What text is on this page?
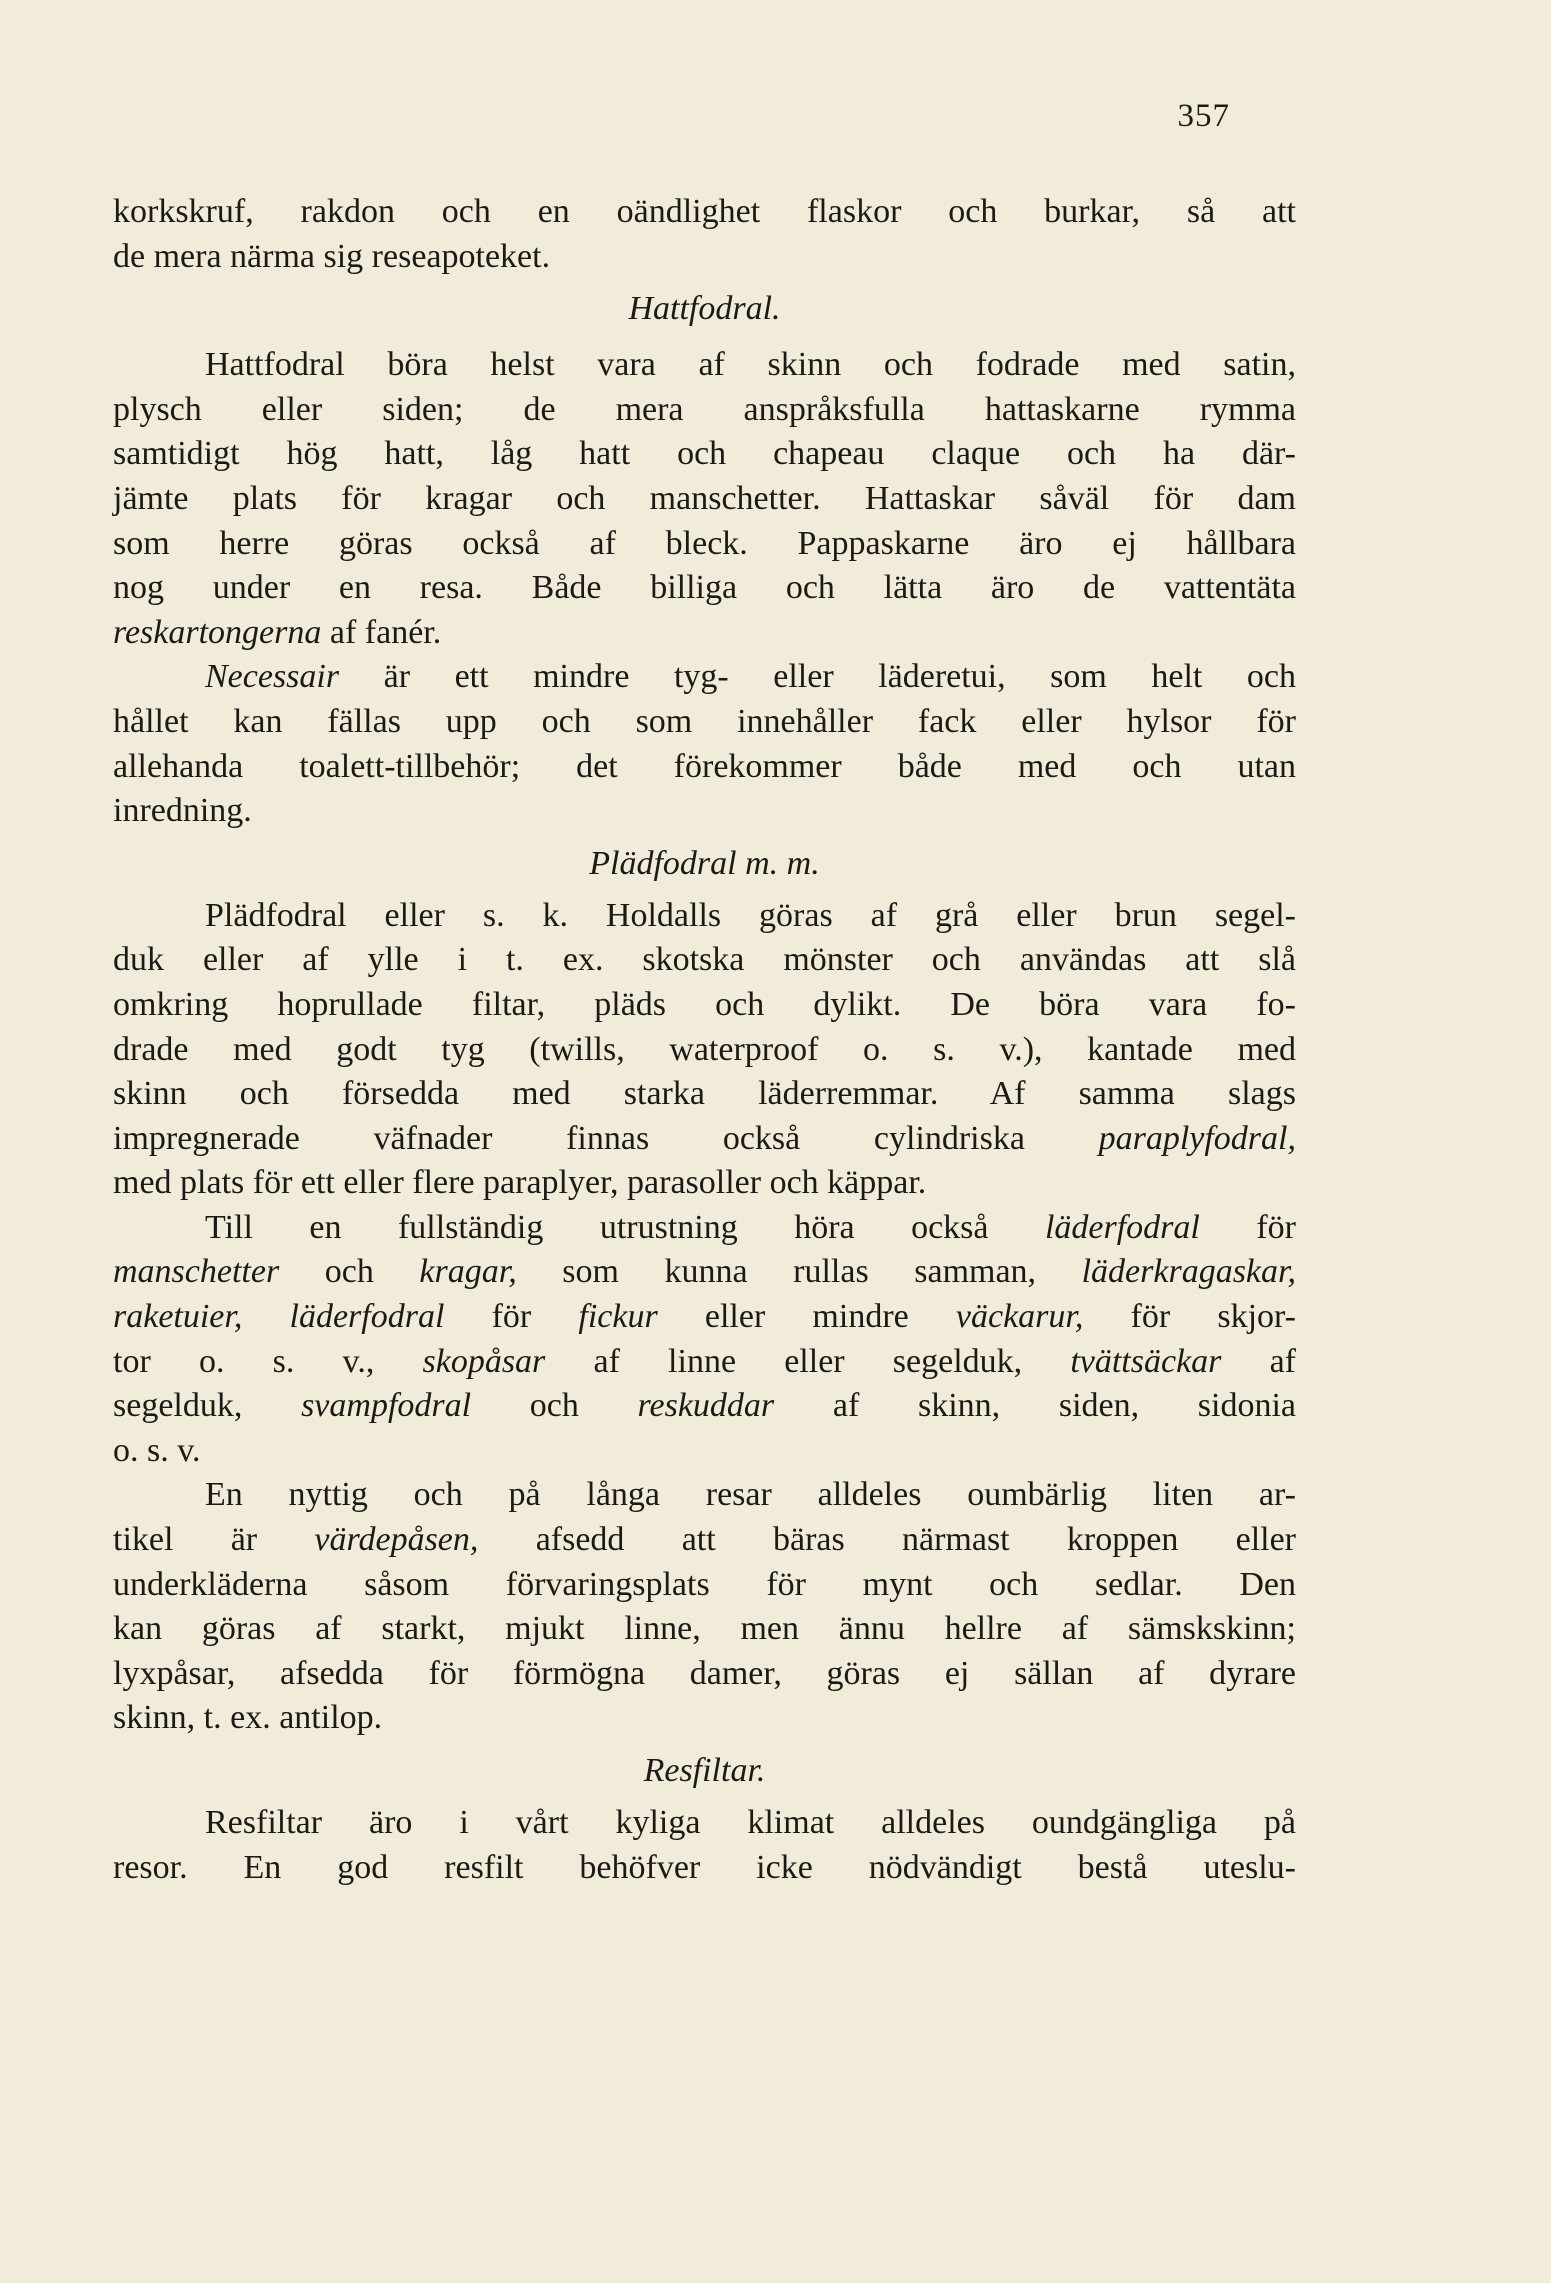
357
korkskruf, rakdon och en oändlighet flaskor och burkar, så att
de mera närma sig reseapoteket.
Hattfodral.
Hattfodral böra helst vara af skinn och fodrade med satin,
plysch eller siden; de mera anspråksfulla hattaskarne rymma
samtidigt hög hatt, låg hatt och chapeau claque och ha där-
jämte plats för kragar och manschetter. Hattaskar såväl för dam
som herre göras också af bleck. Pappaskarne äro ej hållbara
nog under en resa. Både billiga och lätta äro de vattentäta
reskartongerna af fanér.
Necessair är ett mindre tyg- eller läderetui, som helt och
hållet kan fällas upp och som innehåller fack eller hylsor för
allehanda toalett-tillbehör; det förekommer både med och utan
inredning.
Plädfodral m. m.
Plädfodral eller s. k. Holdalls göras af grå eller brun segel-
duk eller af ylle i t. ex. skotska mönster och användas att slå
omkring hoprullade filtar, pläds och dylikt. De böra vara fo-
drade med godt tyg (twills, waterproof o. s. v.), kantade med
skinn och försedda med starka läderremmar. Af samma slags
impregnerade väfnader finnas också cylindriska paraplyfodral,
med plats för ett eller flere paraplyer, parasoller och käppar.
Till en fullständig utrustning höra också läderfodral för
manschetter och kragar, som kunna rullas samman, läderkragaskar,
raketuier, läderfodral för fickur eller mindre väckarur, för skjor-
tor o. s. v., skopåsar af linne eller segelduk, tvättsäckar af
segelduk, svampfodral och reskuddar af skinn, siden, sidonia
o. s. v.
En nyttig och på långa resar alldeles oumbärlig liten ar-
tikel är värdepåsen, afsedd att bäras närmast kroppen eller
underkläderna såsom förvaringsplats för mynt och sedlar. Den
kan göras af starkt, mjukt linne, men ännu hellre af sämskskinn;
lyxpåsar, afsedda för förmögna damer, göras ej sällan af dyrare
skinn, t. ex. antilop.
Resfiltar.
Resfiltar äro i vårt kyliga klimat alldeles oundgängliga på
resor. En god resfilt behöfver icke nödvändigt bestå uteslu-
